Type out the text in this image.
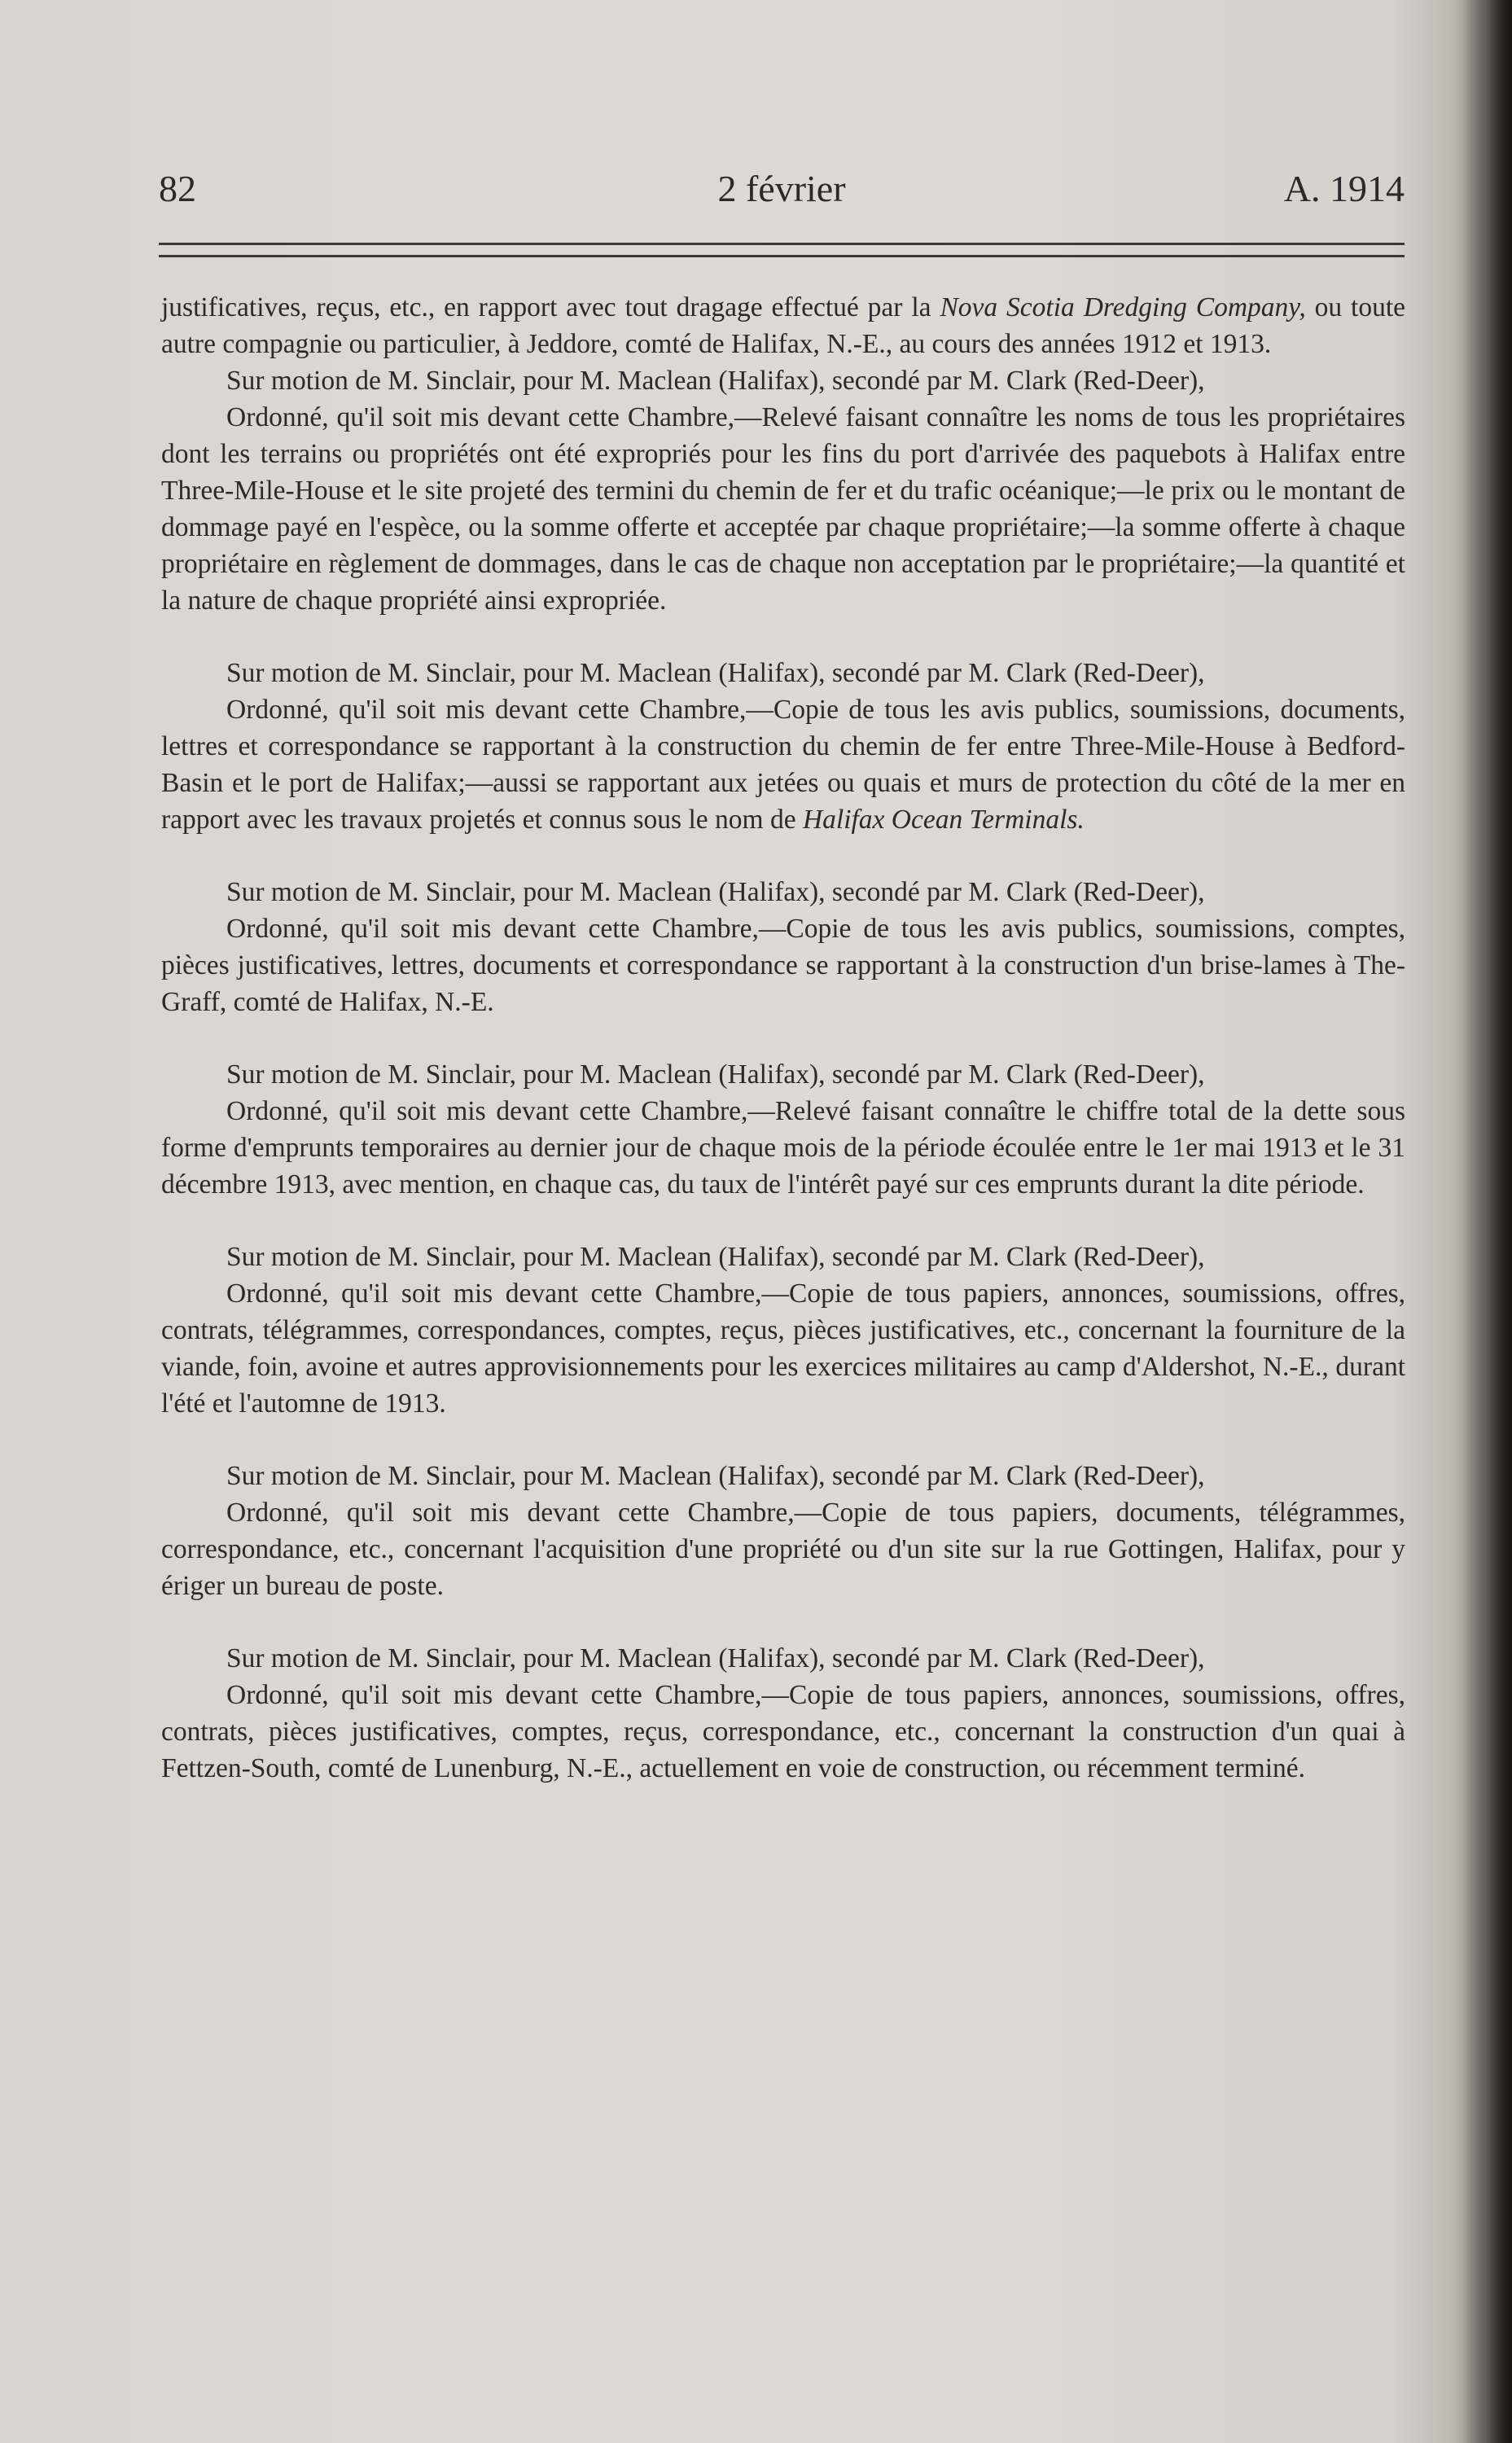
82	2 février	A. 1914

justificatives, reçus, etc., en rapport avec tout dragage effectué par la Nova Scotia Dredging Company, ou toute autre compagnie ou particulier, à Jeddore, comté de Halifax, N.-E., au cours des années 1912 et 1913.

Sur motion de M. Sinclair, pour M. Maclean (Halifax), secondé par M. Clark (Red-Deer),

Ordonné, qu'il soit mis devant cette Chambre,—Relevé faisant connaître les noms de tous les propriétaires dont les terrains ou propriétés ont été expropriés pour les fins du port d'arrivée des paquebots à Halifax entre Three-Mile-House et le site projeté des termini du chemin de fer et du trafic océanique;—le prix ou le montant de dommage payé en l'espèce, ou la somme offerte et acceptée par chaque propriétaire;—la somme offerte à chaque propriétaire en règlement de dommages, dans le cas de chaque non acceptation par le propriétaire;—la quantité et la nature de chaque propriété ainsi expropriée.

Sur motion de M. Sinclair, pour M. Maclean (Halifax), secondé par M. Clark (Red-Deer),

Ordonné, qu'il soit mis devant cette Chambre,—Copie de tous les avis publics, soumissions, documents, lettres et correspondance se rapportant à la construction du chemin de fer entre Three-Mile-House à Bedford-Basin et le port de Halifax;—aussi se rapportant aux jetées ou quais et murs de protection du côté de la mer en rapport avec les travaux projetés et connus sous le nom de Halifax Ocean Terminals.

Sur motion de M. Sinclair, pour M. Maclean (Halifax), secondé par M. Clark (Red-Deer),

Ordonné, qu'il soit mis devant cette Chambre,—Copie de tous les avis publics, soumissions, comptes, pièces justificatives, lettres, documents et correspondance se rapportant à la construction d'un brise-lames à The-Graff, comté de Halifax, N.-E.

Sur motion de M. Sinclair, pour M. Maclean (Halifax), secondé par M. Clark (Red-Deer),

Ordonné, qu'il soit mis devant cette Chambre,—Relevé faisant connaître le chiffre total de la dette sous forme d'emprunts temporaires au dernier jour de chaque mois de la période écoulée entre le 1er mai 1913 et le 31 décembre 1913, avec mention, en chaque cas, du taux de l'intérêt payé sur ces emprunts durant la dite période.

Sur motion de M. Sinclair, pour M. Maclean (Halifax), secondé par M. Clark (Red-Deer),

Ordonné, qu'il soit mis devant cette Chambre,—Copie de tous papiers, annonces, soumissions, offres, contrats, télégrammes, correspondances, comptes, reçus, pièces justificatives, etc., concernant la fourniture de la viande, foin, avoine et autres approvisionnements pour les exercices militaires au camp d'Aldershot, N.-E., durant l'été et l'automne de 1913.

Sur motion de M. Sinclair, pour M. Maclean (Halifax), secondé par M. Clark (Red-Deer),

Ordonné, qu'il soit mis devant cette Chambre,—Copie de tous papiers, documents, télégrammes, correspondance, etc., concernant l'acquisition d'une propriété ou d'un site sur la rue Gottingen, Halifax, pour y ériger un bureau de poste.

Sur motion de M. Sinclair, pour M. Maclean (Halifax), secondé par M. Clark (Red-Deer),

Ordonné, qu'il soit mis devant cette Chambre,—Copie de tous papiers, annonces, soumissions, offres, contrats, pièces justificatives, comptes, reçus, correspondance, etc., concernant la construction d'un quai à Fettzen-South, comté de Lunenburg, N.-E., actuellement en voie de construction, ou récemment terminé.
